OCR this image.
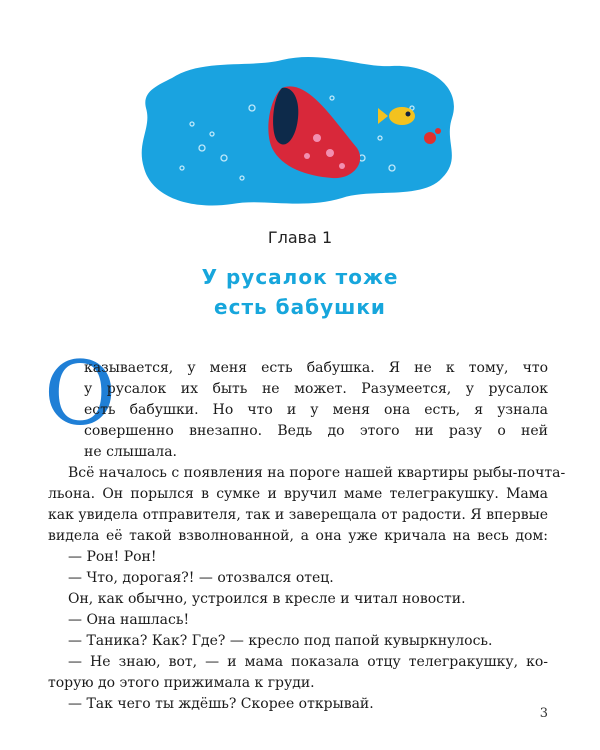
Глава 1
У русалок тоже
есть бабушки
О
казывается, у меня есть бабушка. Я не к тому, что
у русалок их быть не может. Разумеется, у русалок
есть бабушки. Но что и у меня она есть, я узнала
совершенно внезапно. Ведь до этого ни разу о ней
не слышала.
Всё началось с появления на пороге нашей квартиры рыбы-почта-
льона. Он порылся в сумке и вручил маме телегракушку. Мама
как увидела отправителя, так и заверещала от радости. Я впервые
видела её такой взволнованной, а она уже кричала на весь дом:
— Рон! Рон!
— Что, дорогая?! — отозвался отец.
Он, как обычно, устроился в кресле и читал новости.
— Она нашлась!
— Таника? Как? Где? — кресло под папой кувыркнулось.
— Не знаю, вот, — и мама показала отцу телегракушку, ко-
торую до этого прижимала к груди.
— Так чего ты ждёшь? Скорее открывай.
3
